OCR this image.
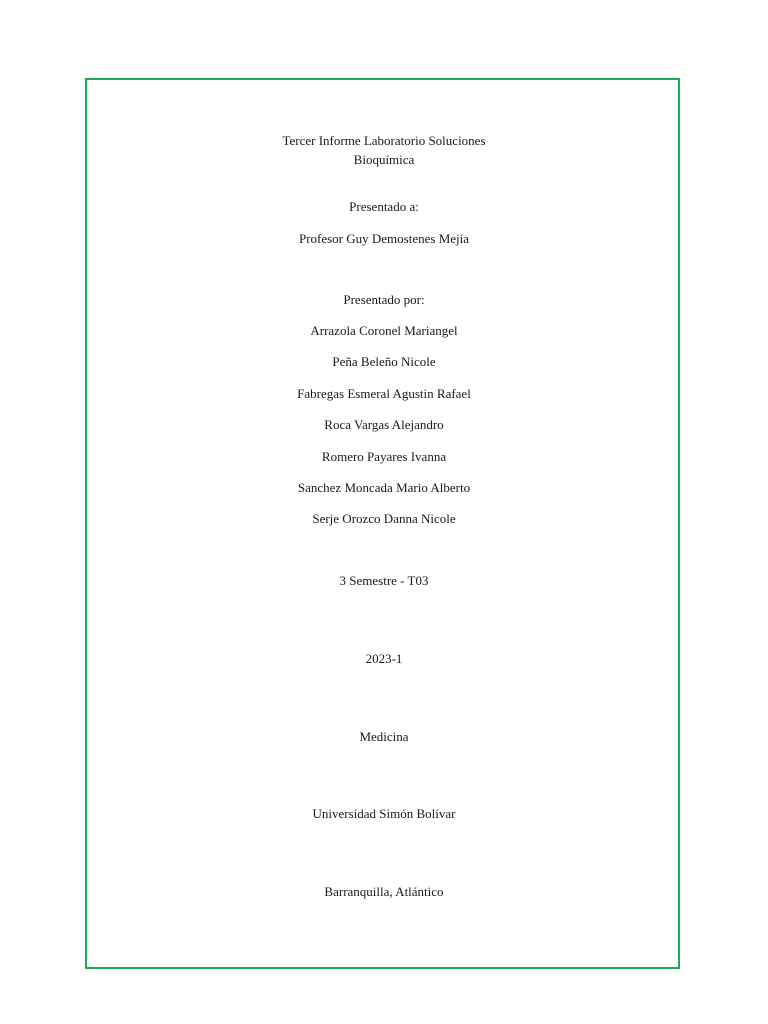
Tercer Informe Laboratorio Soluciones
Bioquímica
Presentado a:
Profesor Guy Demostenes Mejia
Presentado por:
Arrazola Coronel Mariangel
Peña Beleño Nicole
Fabregas Esmeral Agustin Rafael
Roca Vargas Alejandro
Romero Payares Ivanna
Sanchez Moncada Mario Alberto
Serje Orozco Danna Nicole
3 Semestre - T03
2023-1
Medicina
Universidad Simón Bolívar
Barranquilla, Atlántico
